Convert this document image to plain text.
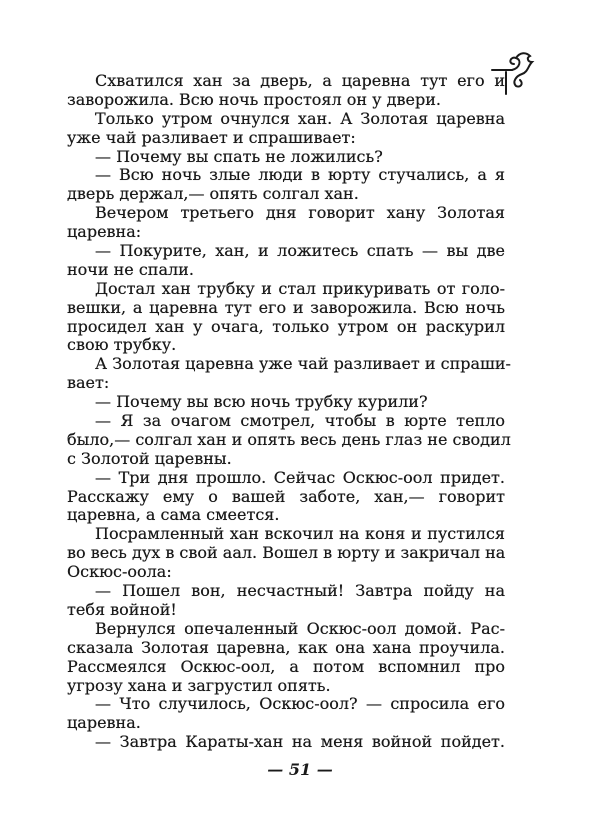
Схватился хан за дверь, а царевна тут его и
заворожила. Всю ночь простоял он у двери.
Только утром очнулся хан. А Золотая царевна
уже чай разливает и спрашивает:
— Почему вы спать не ложились?
— Всю ночь злые люди в юрту стучались, а я
дверь держал,— опять солгал хан.
Вечером третьего дня говорит хану Золотая
царевна:
— Покурите, хан, и ложитесь спать — вы две
ночи не спали.
Достал хан трубку и стал прикуривать от голо-
вешки, а царевна тут его и заворожила. Всю ночь
просидел хан у очага, только утром он раскурил
свою трубку.
А Золотая царевна уже чай разливает и спраши-
вает:
— Почему вы всю ночь трубку курили?
— Я за очагом смотрел, чтобы в юрте тепло
было,— солгал хан и опять весь день глаз не сводил
с Золотой царевны.
— Три дня прошло. Сейчас Оскюс-оол придет.
Расскажу ему о вашей заботе, хан,— говорит
царевна, а сама смеется.
Посрамленный хан вскочил на коня и пустился
во весь дух в свой аал. Вошел в юрту и закричал на
Оскюс-оола:
— Пошел вон, несчастный! Завтра пойду на
тебя войной!
Вернулся опечаленный Оскюс-оол домой. Рас-
сказала Золотая царевна, как она хана проучила.
Рассмеялся Оскюс-оол, а потом вспомнил про
угрозу хана и загрустил опять.
— Что случилось, Оскюс-оол? — спросила его
царевна.
— Завтра Караты-хан на меня войной пойдет.
— 51 —
